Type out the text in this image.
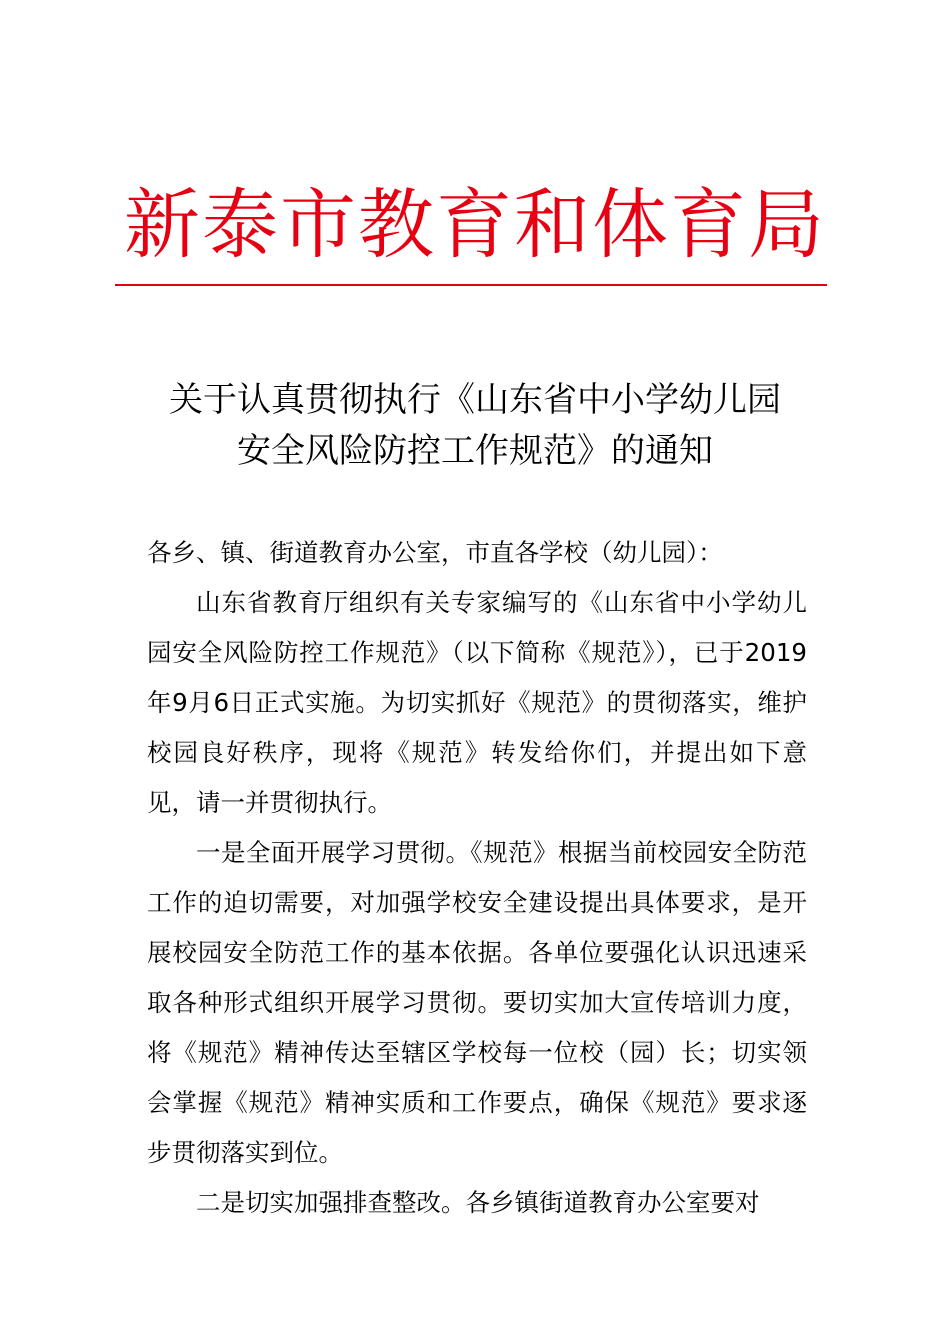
新泰市教育和体育局
关于认真贯彻执行《山东省中小学幼儿园
安全风险防控工作规范》的通知
各乡、镇、街道教育办公室，市直各学校（幼儿园）：

山东省教育厅组织有关专家编写的《山东省中小学幼儿园安全风险防控工作规范》（以下简称《规范》），已于2019年9月6日正式实施。为切实抓好《规范》的贯彻落实，维护校园良好秩序，现将《规范》转发给你们，并提出如下意见，请一并贯彻执行。

一是全面开展学习贯彻。《规范》根据当前校园安全防范工作的迫切需要，对加强学校安全建设提出具体要求，是开展校园安全防范工作的基本依据。各单位要强化认识迅速采取各种形式组织开展学习贯彻。要切实加大宣传培训力度，将《规范》精神传达至辖区学校每一位校（园）长；切实领会掌握《规范》精神实质和工作要点，确保《规范》要求逐步贯彻落实到位。

二是切实加强排查整改。各乡镇街道教育办公室要对
